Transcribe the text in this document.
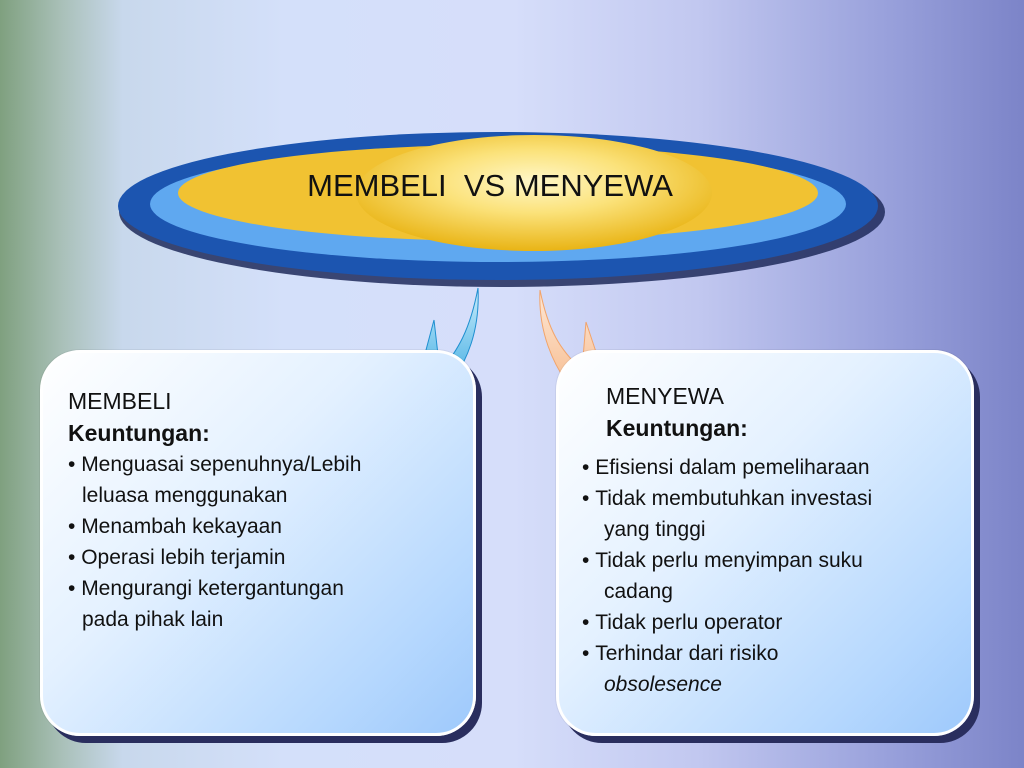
MEMBELI  VS MENYEWA
MEMBELI
Keuntungan:
• Menguasai sepenuhnya/Lebih
leluasa menggunakan
• Menambah kekayaan
• Operasi lebih terjamin
• Mengurangi ketergantungan
pada pihak lain
MENYEWA
Keuntungan:
• Efisiensi dalam pemeliharaan
• Tidak membutuhkan investasi
yang tinggi
• Tidak perlu menyimpan suku
cadang
• Tidak perlu operator
• Terhindar dari risiko
obsolesence
